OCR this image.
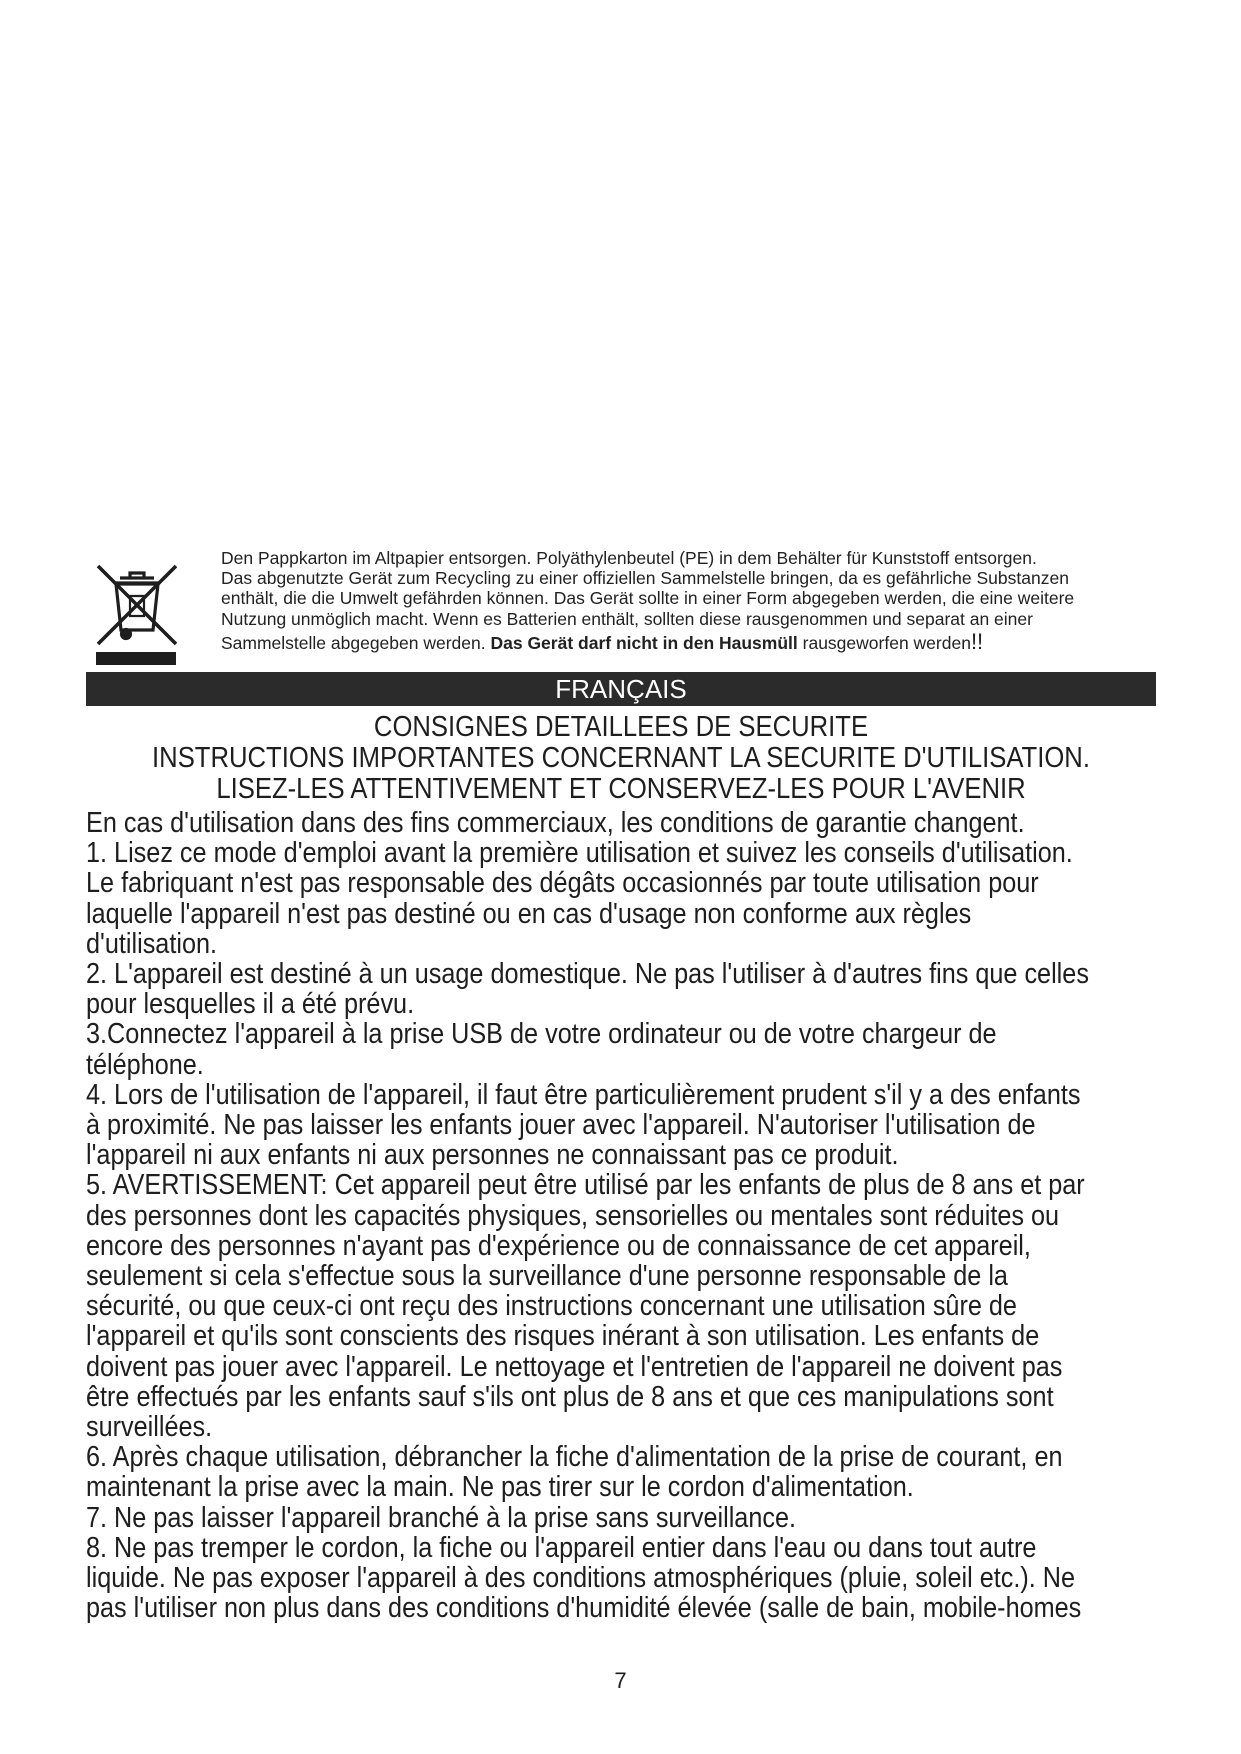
Den Pappkarton im Altpapier entsorgen. Polyäthylenbeutel (PE) in dem Behälter für Kunststoff entsorgen.
Das abgenutzte Gerät zum Recycling zu einer offiziellen Sammelstelle bringen, da es gefährliche Substanzen
enthält, die die Umwelt gefährden können. Das Gerät sollte in einer Form abgegeben werden, die eine weitere
Nutzung unmöglich macht. Wenn es Batterien enthält, sollten diese rausgenommen und separat an einer
Sammelstelle abgegeben werden. Das Gerät darf nicht in den Hausmüll rausgeworfen werden!!
FRANÇAIS
CONSIGNES DETAILLEES DE SECURITE
INSTRUCTIONS IMPORTANTES CONCERNANT LA SECURITE D'UTILISATION.
LISEZ-LES ATTENTIVEMENT ET CONSERVEZ-LES POUR L'AVENIR

En cas d'utilisation dans des fins commerciaux, les conditions de garantie changent.

1. Lisez ce mode d'emploi avant la première utilisation et suivez les conseils d'utilisation.

Le fabriquant n'est pas responsable des dégâts occasionnés par toute utilisation pour

laquelle l'appareil n'est pas destiné ou en cas d'usage non conforme aux règles

d'utilisation.

2. L'appareil est destiné à un usage domestique. Ne pas l'utiliser à d'autres fins que celles

pour lesquelles il a été prévu.

3.Connectez l'appareil à la prise USB de votre ordinateur ou de votre chargeur de

téléphone.

4. Lors de l'utilisation de l'appareil, il faut être particulièrement prudent s'il y a des enfants

à proximité. Ne pas laisser les enfants jouer avec l'appareil. N'autoriser l'utilisation de

l'appareil ni aux enfants ni aux personnes ne connaissant pas ce produit.

5. AVERTISSEMENT: Cet appareil peut être utilisé par les enfants de plus de 8 ans et par

des personnes dont les capacités physiques, sensorielles ou mentales sont réduites ou

encore des personnes n'ayant pas d'expérience ou de connaissance de cet appareil,

seulement si cela s'effectue sous la surveillance d'une personne responsable de la

sécurité, ou que ceux-ci ont reçu des instructions concernant une utilisation sûre de

l'appareil et qu'ils sont conscients des risques inérant à son utilisation. Les enfants de

doivent pas jouer avec l'appareil. Le nettoyage et l'entretien de l'appareil ne doivent pas

être effectués par les enfants sauf s'ils ont plus de 8 ans et que ces manipulations sont

surveillées.

6. Après chaque utilisation, débrancher la fiche d'alimentation de la prise de courant, en

maintenant la prise avec la main. Ne pas tirer sur le cordon d'alimentation.

7. Ne pas laisser l'appareil branché à la prise sans surveillance.

8. Ne pas tremper le cordon, la fiche ou l'appareil entier dans l'eau ou dans tout autre

liquide. Ne pas exposer l'appareil à des conditions atmosphériques (pluie, soleil etc.). Ne

pas l'utiliser non plus dans des conditions d'humidité élevée (salle de bain, mobile-homes

7
